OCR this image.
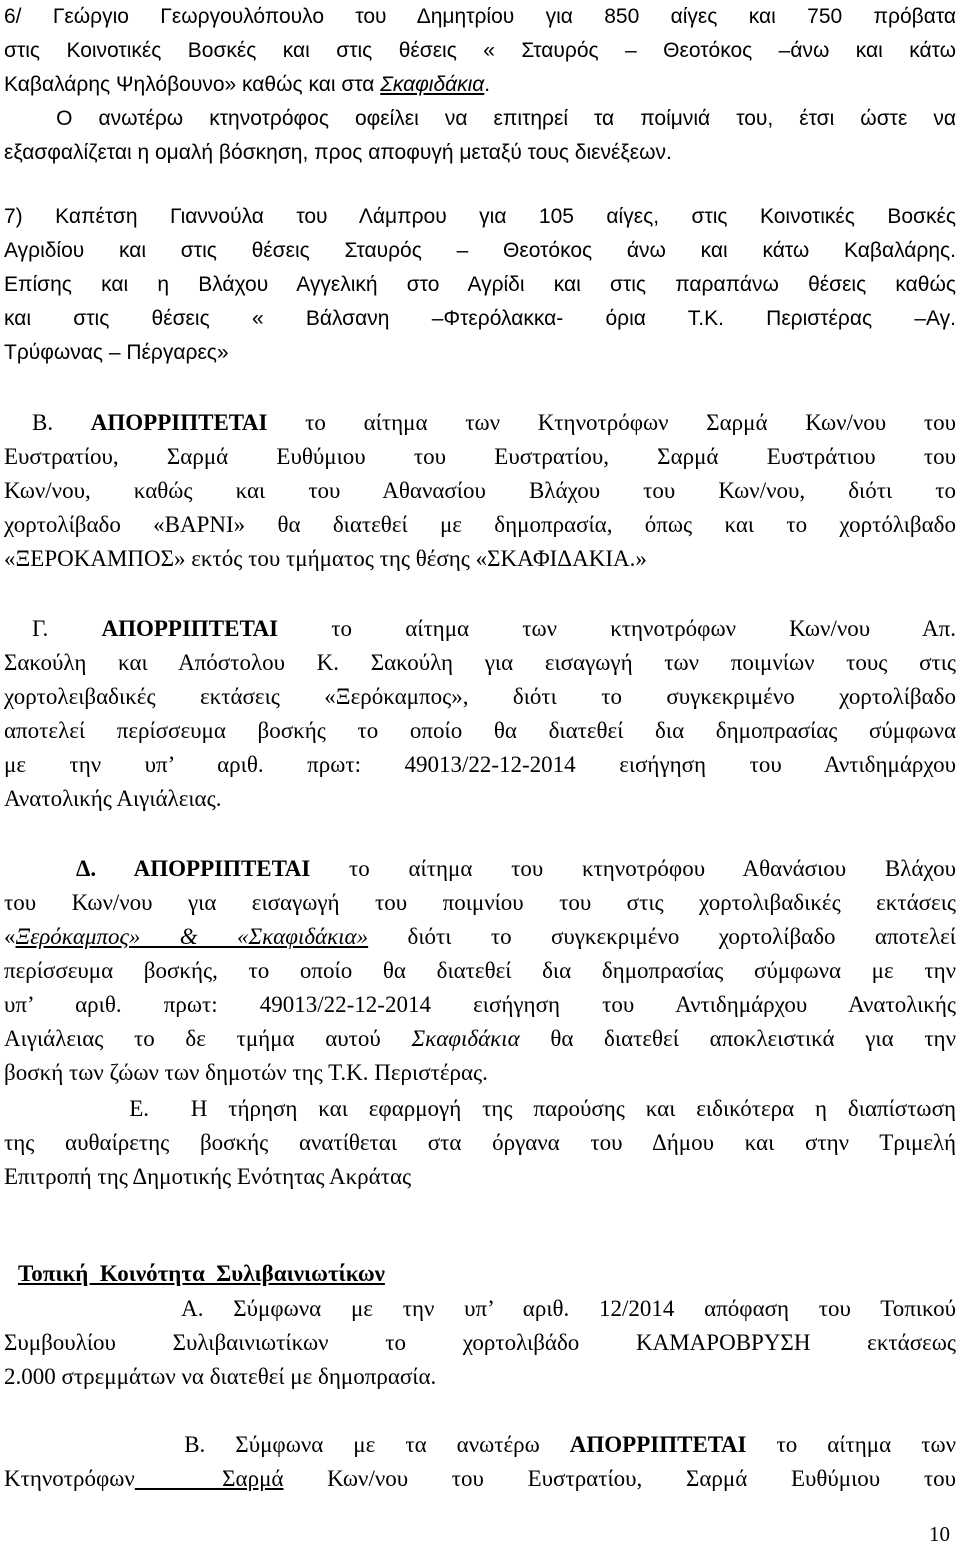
6/ Γεώργιο Γεωργουλόπουλο του Δημητρίου για 850 αίγες και 750 πρόβατα
στις Κοινοτικές Βοσκές και στις θέσεις « Σταυρός – Θεοτόκος –άνω και κάτω
Καβαλάρης Ψηλόβουνο» καθώς και στα Σκαφιδάκια.
Ο ανωτέρω κτηνοτρόφος οφείλει να επιτηρεί τα ποίμνιά του, έτσι ώστε να
εξασφαλίζεται η ομαλή βόσκηση, προς αποφυγή μεταξύ τους διενέξεων.
7) Καπέτση Γιαννούλα του Λάμπρου για 105 αίγες, στις Κοινοτικές Βοσκές
Αγριδίου και στις θέσεις Σταυρός – Θεοτόκος άνω και κάτω Καβαλάρης.
Επίσης και η Βλάχου Αγγελική στο Αγρίδι και στις παραπάνω θέσεις καθώς
και στις θέσεις « Βάλσανη –Φτερόλακκα- όρια Τ.Κ. Περιστέρας –Αγ.
Τρύφωνας – Πέργαρες»
Β. ΑΠΟΡΡΙΠΤΕΤΑΙ το αίτημα των Κτηνοτρόφων Σαρμά Κων/νου του
Ευστρατίου, Σαρμά Ευθύμιου του Ευστρατίου, Σαρμά Ευστράτιου του
Κων/νου, καθώς και του Αθανασίου Βλάχου του Κων/νου, διότι το
χορτολίβαδο «ΒΑΡΝΙ» θα διατεθεί με δημοπρασία, όπως και το χορτόλιβαδο
«ΞΕΡΟΚΑΜΠΟΣ» εκτός του τμήματος της θέσης «ΣΚΑΦΙΔΑΚΙΑ.»
Γ. ΑΠΟΡΡΙΠΤΕΤΑΙ το αίτημα των κτηνοτρόφων Κων/νου Απ.
Σακούλη και Απόστολου Κ. Σακούλη για εισαγωγή των ποιμνίων τους στις
χορτολειβαδικές εκτάσεις «Ξερόκαμπος», διότι το συγκεκριμένο χορτολίβαδο
αποτελεί περίσσευμα βοσκής το οποίο θα διατεθεί δια δημοπρασίας σύμφωνα
με την υπ’ αριθ. πρωτ: 49013/22-12-2014 εισήγηση του Αντιδημάρχου
Ανατολικής Αιγιάλειας.
Δ. ΑΠΟΡΡΙΠΤΕΤΑΙ το αίτημα του κτηνοτρόφου Αθανάσιου Βλάχου
του Κων/νου για εισαγωγή του ποιμνίου του στις χορτολιβαδικές εκτάσεις
«Ξερόκαμπος» & «Σκαφιδάκια» διότι το συγκεκριμένο χορτολίβαδο αποτελεί
περίσσευμα βοσκής, το οποίο θα διατεθεί δια δημοπρασίας σύμφωνα με την
υπ’ αριθ. πρωτ: 49013/22-12-2014 εισήγηση του Αντιδημάρχου Ανατολικής
Αιγιάλειας το δε τμήμα αυτού Σκαφιδάκια θα διατεθεί αποκλειστικά για την
βοσκή των ζώων των δημοτών της Τ.Κ. Περιστέρας.
Ε.  Η τήρηση και εφαρμογή της παρούσης και ειδικότερα η διαπίστωση
της αυθαίρετης βοσκής ανατίθεται στα όργανα του Δήμου και στην Τριμελή
Επιτροπή της Δημοτικής Ενότητας Ακράτας
Τοπική  Κοινότητα  Συλιβαινιωτίκων
Α. Σύμφωνα με την υπ’ αριθ. 12/2014 απόφαση του Τοπικού
Συμβουλίου Συλιβαινιωτίκων το χορτολιβάδο ΚΑΜΑΡΟΒΡΥΣΗ εκτάσεως
2.000 στρεμμάτων να διατεθεί με δημοπρασία.
Β. Σύμφωνα με τα ανωτέρω ΑΠΟΡΡΙΠΤΕΤΑΙ το αίτημα των
Κτηνοτρόφων  Σαρμά Κων/νου του Ευστρατίου, Σαρμά Ευθύμιου του
10
